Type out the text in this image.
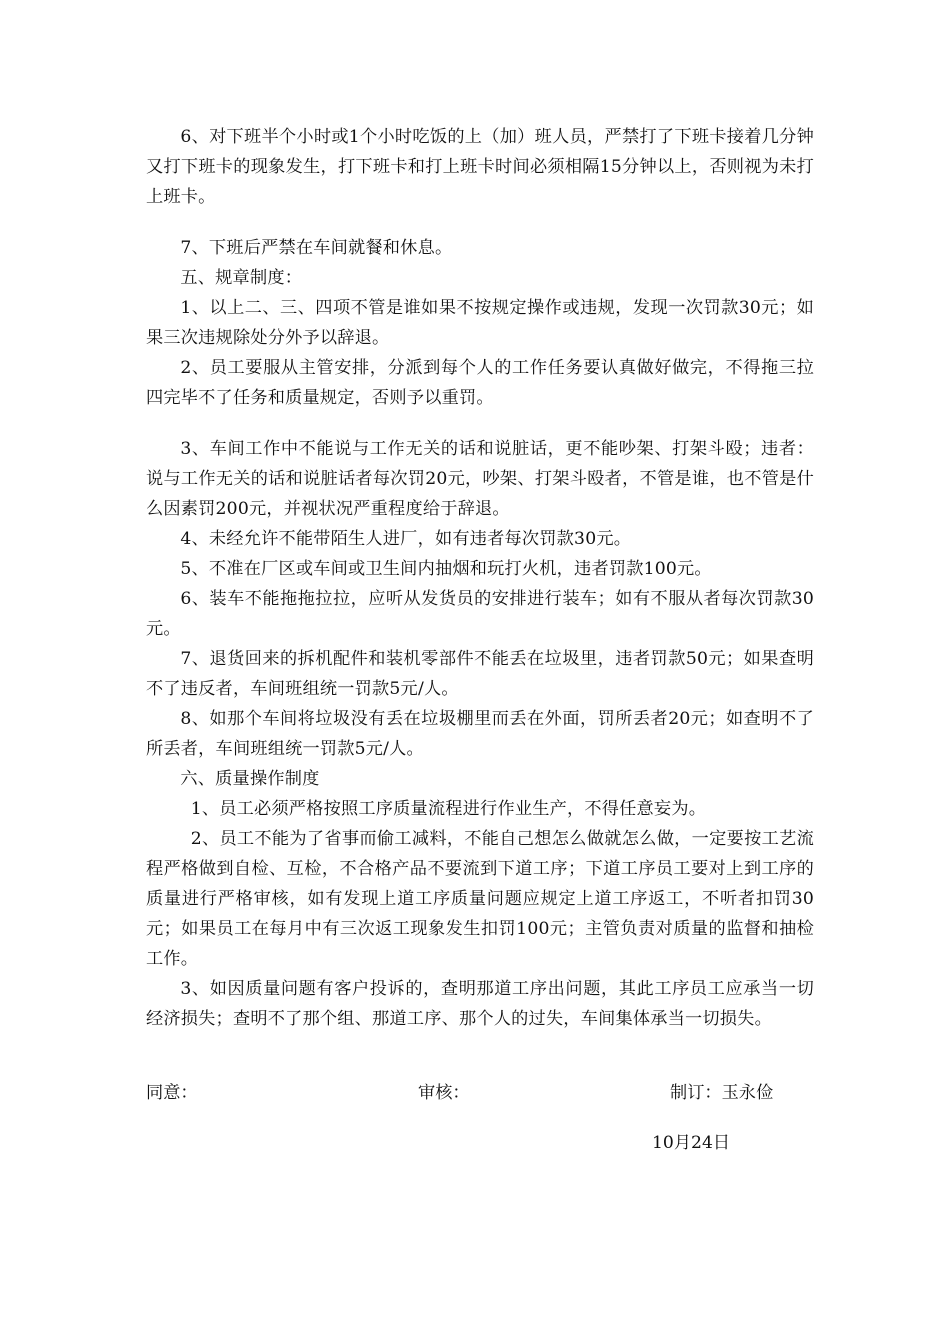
6、对下班半个小时或1个小时吃饭的上（加）班人员，严禁打了下班卡接着几分钟又打下班卡的现象发生，打下班卡和打上班卡时间必须相隔15分钟以上，否则视为未打上班卡。

7、下班后严禁在车间就餐和休息。

五、规章制度：

1、以上二、三、四项不管是谁如果不按规定操作或违规，发现一次罚款30元；如果三次违规除处分外予以辞退。

2、员工要服从主管安排，分派到每个人的工作任务要认真做好做完，不得拖三拉四完毕不了任务和质量规定，否则予以重罚。

3、车间工作中不能说与工作无关的话和说脏话，更不能吵架、打架斗殴；违者：说与工作无关的话和说脏话者每次罚20元，吵架、打架斗殴者，不管是谁，也不管是什么因素罚200元，并视状况严重程度给于辞退。

4、未经允许不能带陌生人进厂，如有违者每次罚款30元。

5、不准在厂区或车间或卫生间内抽烟和玩打火机，违者罚款100元。

6、装车不能拖拖拉拉，应听从发货员的安排进行装车；如有不服从者每次罚款30元。

7、退货回来的拆机配件和装机零部件不能丢在垃圾里，违者罚款50元；如果查明不了违反者，车间班组统一罚款5元/人。

8、如那个车间将垃圾没有丢在垃圾棚里而丢在外面，罚所丢者20元；如查明不了所丢者，车间班组统一罚款5元/人。

六、质量操作制度

1、员工必须严格按照工序质量流程进行作业生产，不得任意妄为。

2、员工不能为了省事而偷工减料，不能自己想怎么做就怎么做，一定要按工艺流程严格做到自检、互检，不合格产品不要流到下道工序；下道工序员工要对上到工序的质量进行严格审核，如有发现上道工序质量问题应规定上道工序返工，不听者扣罚30元；如果员工在每月中有三次返工现象发生扣罚100元；主管负责对质量的监督和抽检工作。

3、如因质量问题有客户投诉的，查明那道工序出问题，其此工序员工应承当一切经济损失；查明不了那个组、那道工序、那个人的过失，车间集体承当一切损失。

同意：	审核：	制订：玉永俭
10月24日
